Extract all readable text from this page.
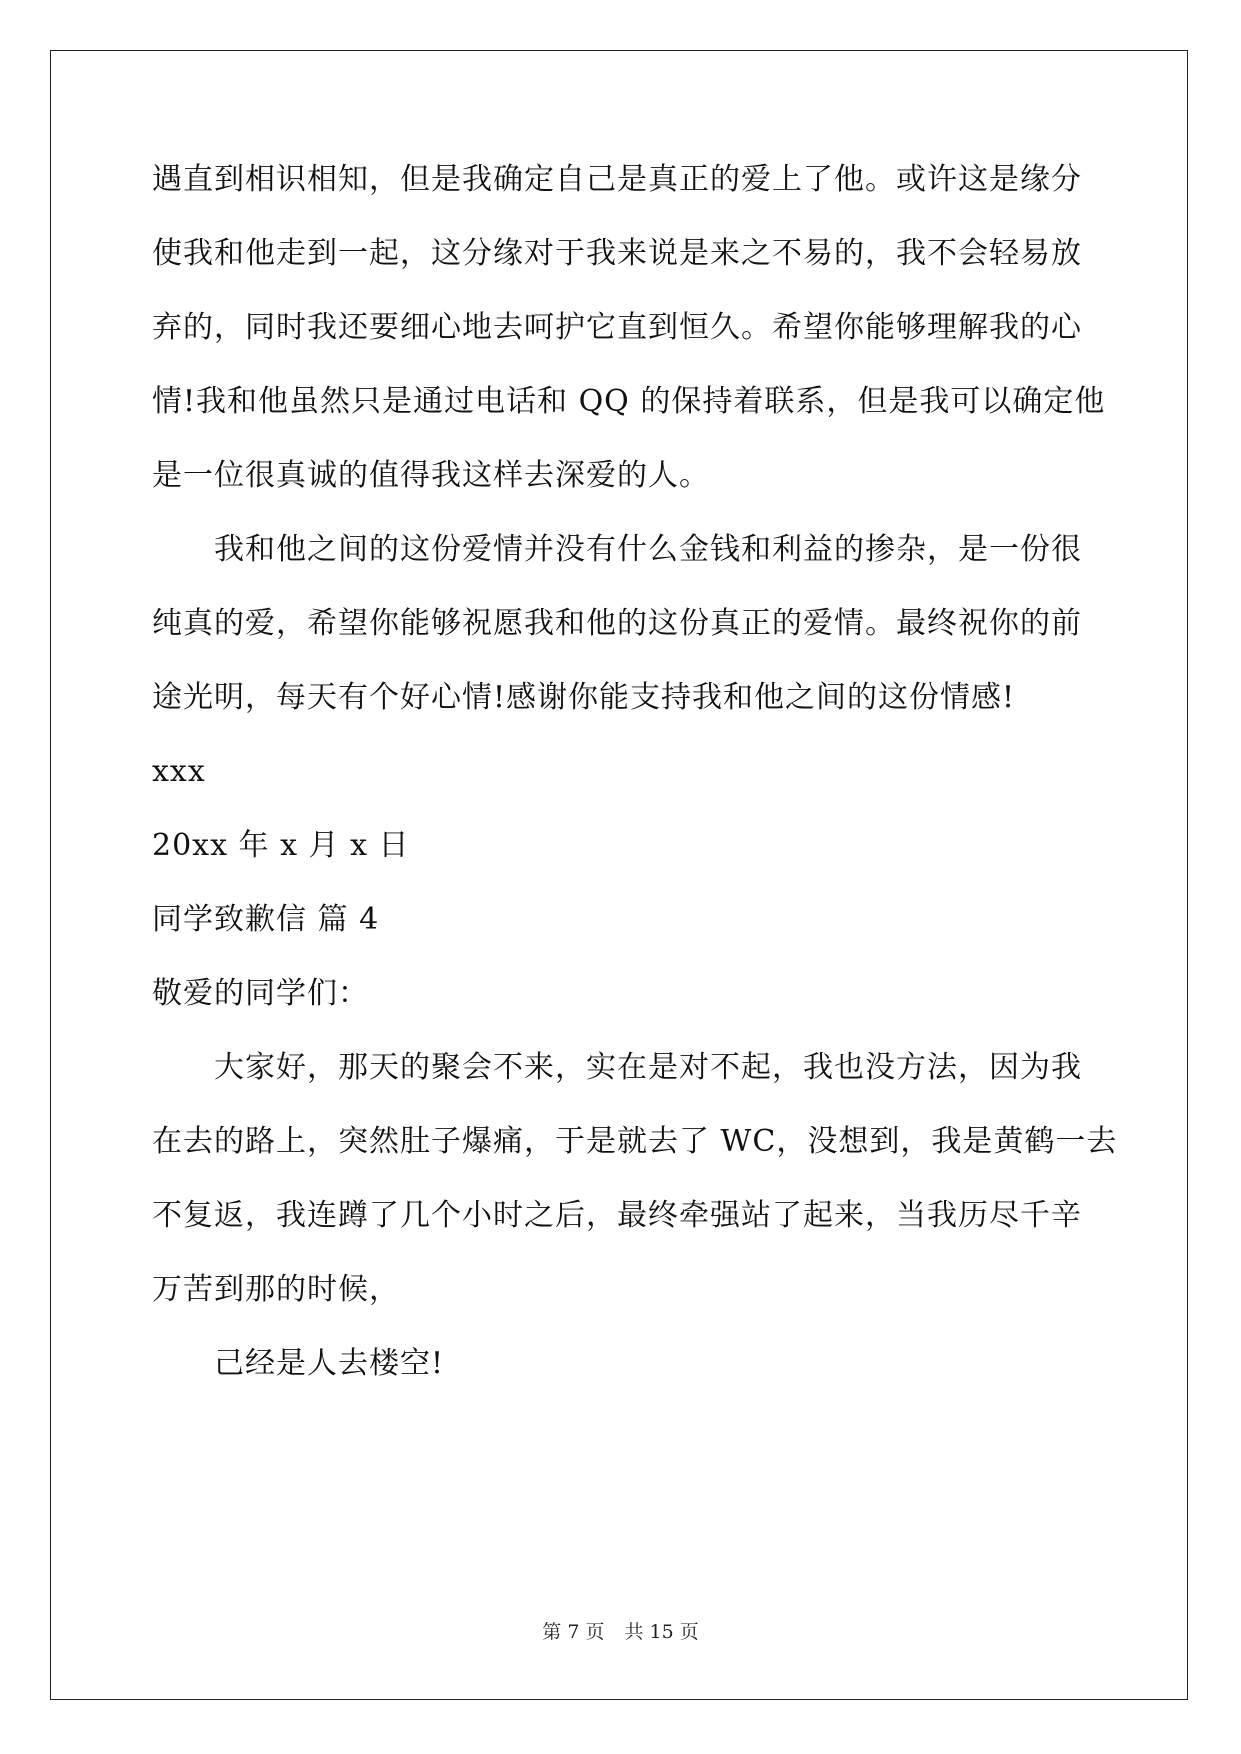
遇直到相识相知，但是我确定自己是真正的爱上了他。或许这是缘分
使我和他走到一起，这分缘对于我来说是来之不易的，我不会轻易放
弃的，同时我还要细心地去呵护它直到恒久。希望你能够理解我的心
情!我和他虽然只是通过电话和 QQ 的保持着联系，但是我可以确定他
是一位很真诚的值得我这样去深爱的人。
我和他之间的这份爱情并没有什么金钱和利益的掺杂，是一份很
纯真的爱，希望你能够祝愿我和他的这份真正的爱情。最终祝你的前
途光明，每天有个好心情!感谢你能支持我和他之间的这份情感!
xxx
20xx 年 x 月 x 日
同学致歉信 篇 4
敬爱的同学们：
大家好，那天的聚会不来，实在是对不起，我也没方法，因为我
在去的路上，突然肚子爆痛，于是就去了 WC，没想到，我是黄鹤一去
不复返，我连蹲了几个小时之后，最终牵强站了起来，当我历尽千辛
万苦到那的时候，
己经是人去楼空!
第 7 页 共 15 页
